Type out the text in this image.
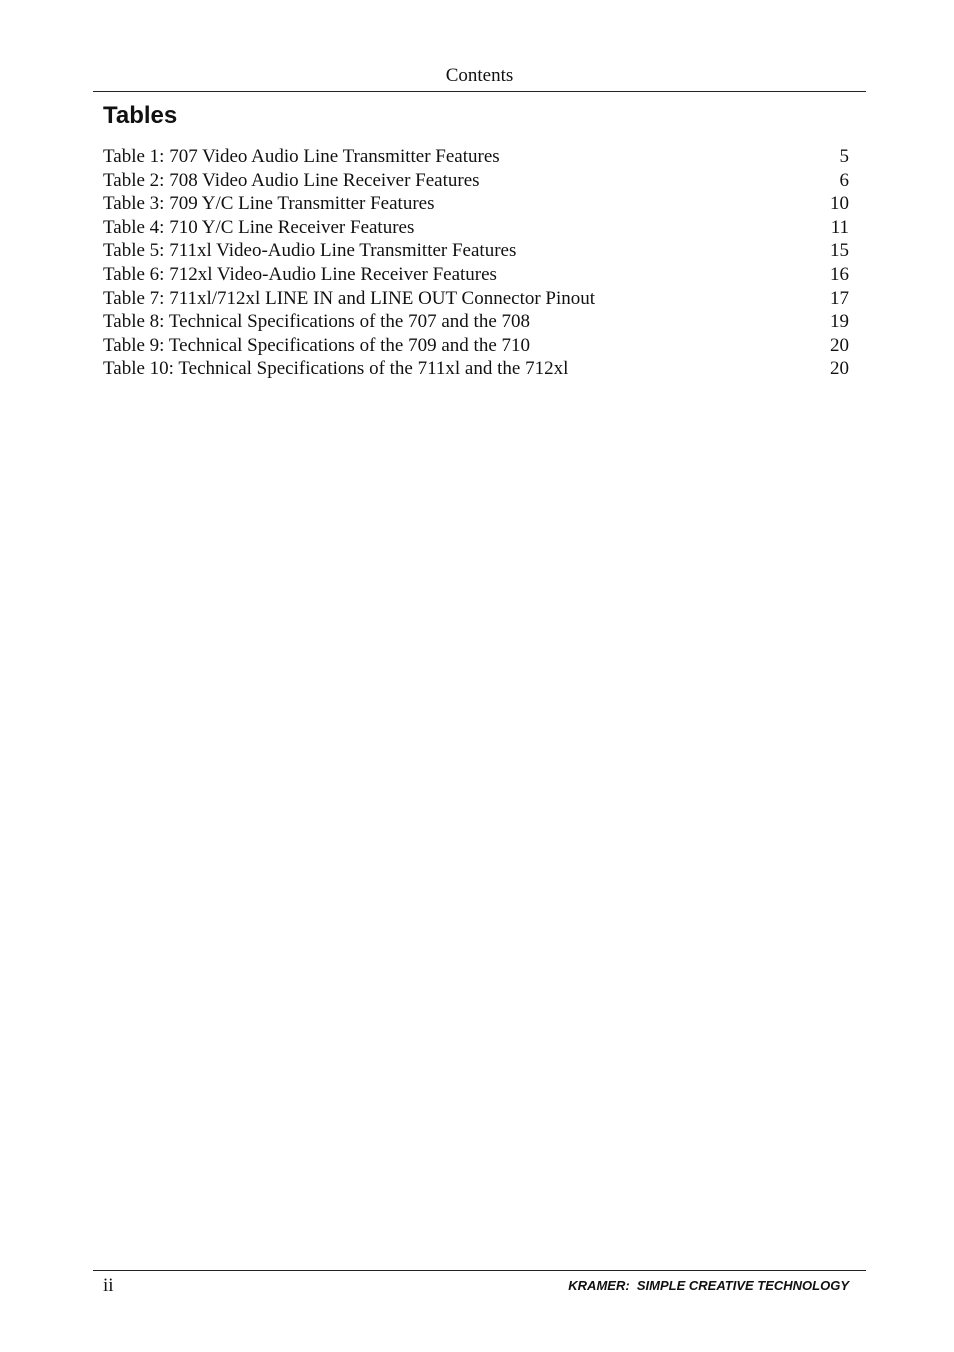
Contents
Tables
Table 1: 707 Video Audio Line Transmitter Features	5
Table 2: 708 Video Audio Line Receiver Features	6
Table 3: 709 Y/C Line Transmitter Features	10
Table 4: 710 Y/C Line Receiver Features	11
Table 5: 711xl Video-Audio Line Transmitter Features	15
Table 6: 712xl Video-Audio Line Receiver Features	16
Table 7: 711xl/712xl LINE IN and LINE OUT Connector Pinout	17
Table 8: Technical Specifications of the 707 and the 708	19
Table 9: Technical Specifications of the 709 and the 710	20
Table 10: Technical Specifications of the 711xl and the 712xl	20
ii	KRAMER:  SIMPLE CREATIVE TECHNOLOGY
